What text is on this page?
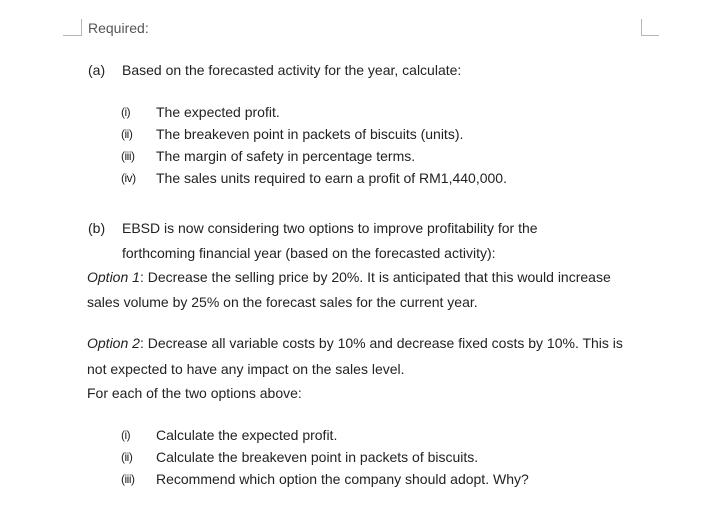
Required:
(a) Based on the forecasted activity for the year, calculate:
(i) The expected profit.
(ii) The breakeven point in packets of biscuits (units).
(iii) The margin of safety in percentage terms.
(iv) The sales units required to earn a profit of RM1,440,000.
(b) EBSD is now considering two options to improve profitability for the
forthcoming financial year (based on the forecasted activity):
Option 1: Decrease the selling price by 20%. It is anticipated that this would increase
sales volume by 25% on the forecast sales for the current year.
Option 2: Decrease all variable costs by 10% and decrease fixed costs by 10%. This is
not expected to have any impact on the sales level.
For each of the two options above:
(i) Calculate the expected profit.
(ii) Calculate the breakeven point in packets of biscuits.
(iii) Recommend which option the company should adopt. Why?
